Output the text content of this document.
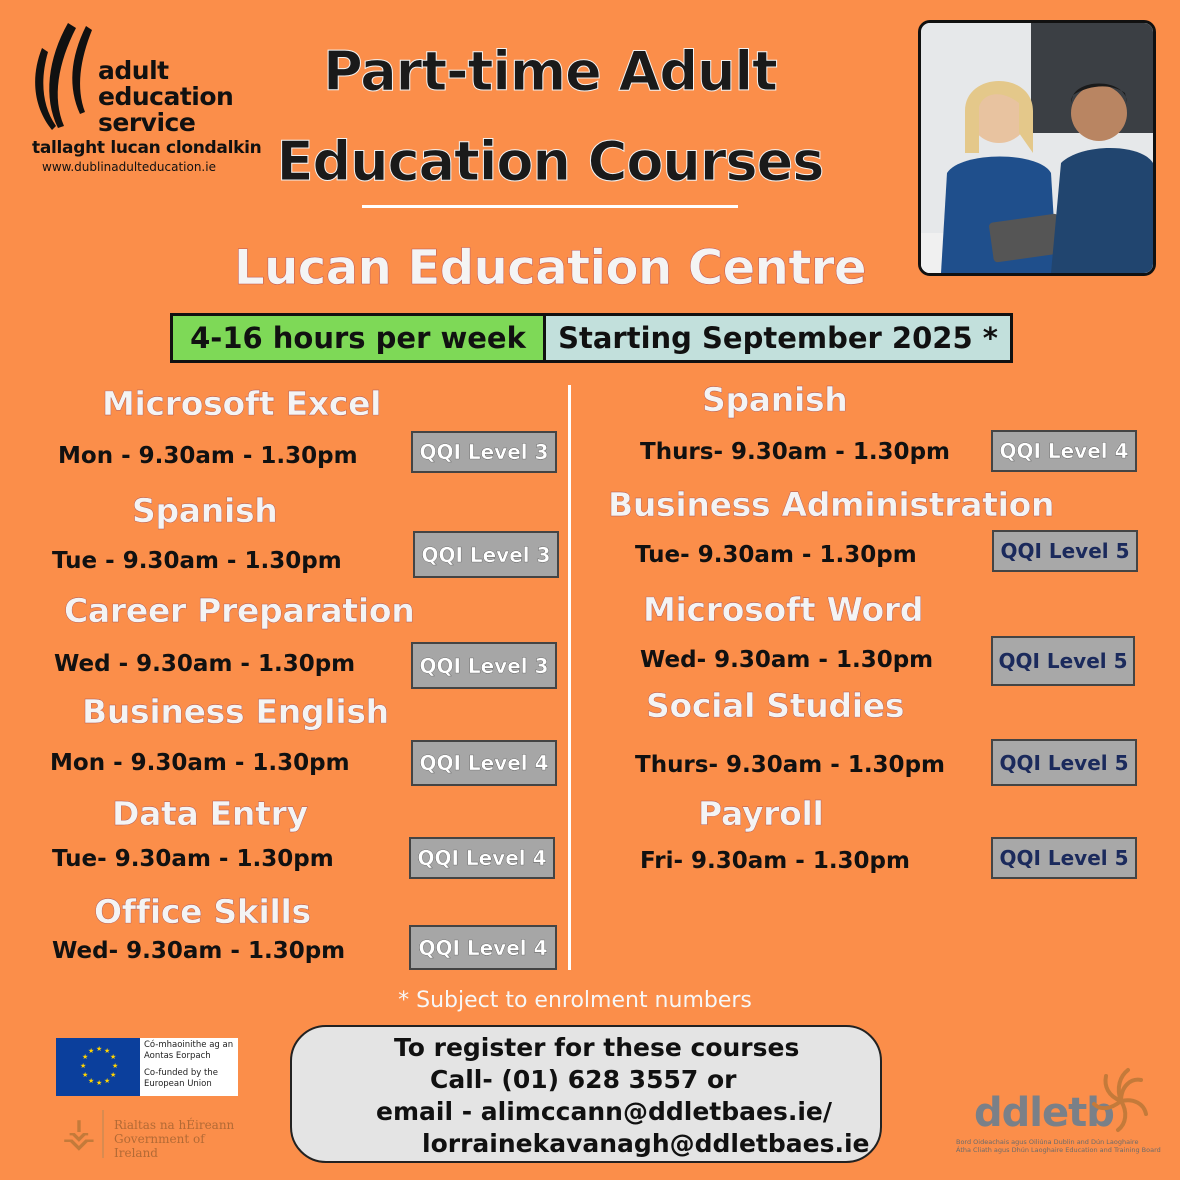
adult
education
service
tallaght lucan clondalkin
www.dublinadulteducation.ie
Part-time Adult
Education Courses
Lucan Education Centre
4-16 hours per week	Starting September 2025 *
Microsoft Excel
Mon - 9.30am - 1.30pm	QQI Level 3
Spanish
Tue - 9.30am - 1.30pm	QQI Level 3
Career Preparation
Wed - 9.30am - 1.30pm	QQI Level 3
Business English
Mon - 9.30am - 1.30pm	QQI Level 4
Data Entry
Tue- 9.30am - 1.30pm	QQI Level 4
Office Skills
Wed- 9.30am - 1.30pm	QQI Level 4
Spanish
Thurs- 9.30am - 1.30pm	QQI Level 4
Business Administration
Tue- 9.30am - 1.30pm	QQI Level 5
Microsoft Word
Wed- 9.30am - 1.30pm	QQI Level 5
Social Studies
Thurs- 9.30am - 1.30pm	QQI Level 5
Payroll
Fri- 9.30am - 1.30pm	QQI Level 5
* Subject to enrolment numbers
★ ★
★
★
★
★
★
★
★
★
★
★
Có-mhaoinithe ag an
Aontas Eorpach
Co-funded by the
European Union
⚶ Rialtas na hÉireann
Government of Ireland
To register for these courses
Call- (01) 628 3557 or
email - alimccann@ddletbaes.ie/
lorrainekavanagh@ddletbaes.ie
ddletb
Bord Oideachais agus Oiliúna Dublin and Dún Laoghaire
Átha Cliath agus Dhún Laoghaire Education and Training Board
